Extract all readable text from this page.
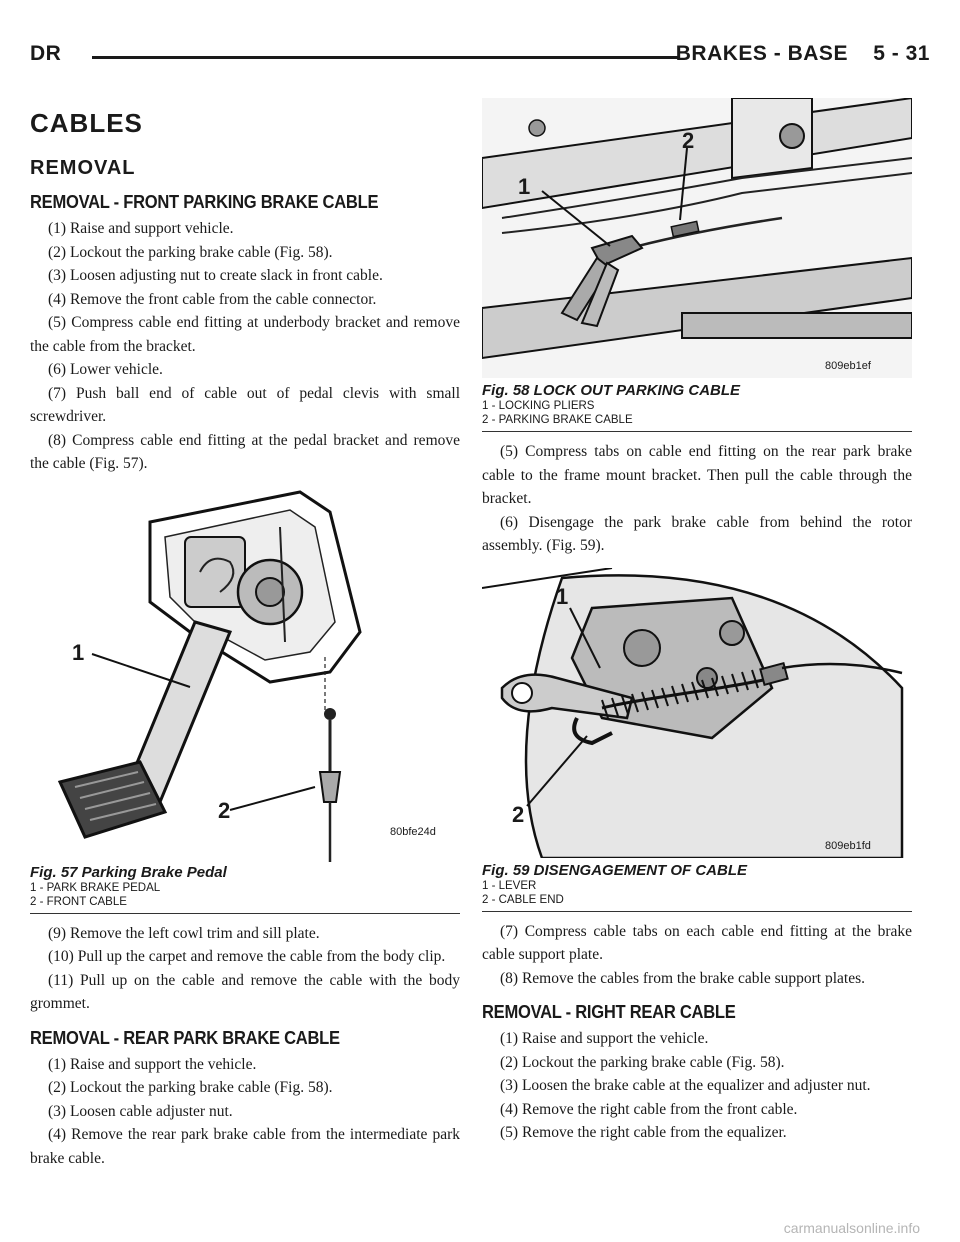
DR	BRAKES - BASE    5 - 31
CABLES
REMOVAL
REMOVAL - FRONT PARKING BRAKE CABLE

(1) Raise and support vehicle.

(2) Lockout the parking brake cable (Fig. 58).

(3) Loosen adjusting nut to create slack in front cable.

(4) Remove the front cable from the cable connector.

(5) Compress cable end fitting at underbody bracket and remove the cable from the bracket.

(6) Lower vehicle.

(7) Push ball end of cable out of pedal clevis with small screwdriver.

(8) Compress cable end fitting at the pedal bracket and remove the cable (Fig. 57).

1
2
80bfe24d
Fig. 57 Parking Brake Pedal
1 - PARK BRAKE PEDAL
2 - FRONT CABLE

(9) Remove the left cowl trim and sill plate.

(10) Pull up the carpet and remove the cable from the body clip.

(11) Pull up on the cable and remove the cable with the body grommet.

REMOVAL - REAR PARK BRAKE CABLE

(1) Raise and support the vehicle.

(2) Lockout the parking brake cable (Fig. 58).

(3) Loosen cable adjuster nut.

(4) Remove the rear park brake cable from the intermediate park brake cable.

1
2
809eb1ef
Fig. 58 LOCK OUT PARKING CABLE
1 - LOCKING PLIERS
2 - PARKING BRAKE CABLE

(5) Compress tabs on cable end fitting on the rear park brake cable to the frame mount bracket. Then pull the cable through the bracket.

(6) Disengage the park brake cable from behind the rotor assembly. (Fig. 59).

1
2
809eb1fd
Fig. 59 DISENGAGEMENT OF CABLE
1 - LEVER
2 - CABLE END

(7) Compress cable tabs on each cable end fitting at the brake cable support plate.

(8) Remove the cables from the brake cable support plates.

REMOVAL - RIGHT REAR CABLE

(1) Raise and support the vehicle.

(2) Lockout the parking brake cable (Fig. 58).

(3) Loosen the brake cable at the equalizer and adjuster nut.

(4) Remove the right cable from the front cable.

(5) Remove the right cable from the equalizer.

carmanualsonline.info
